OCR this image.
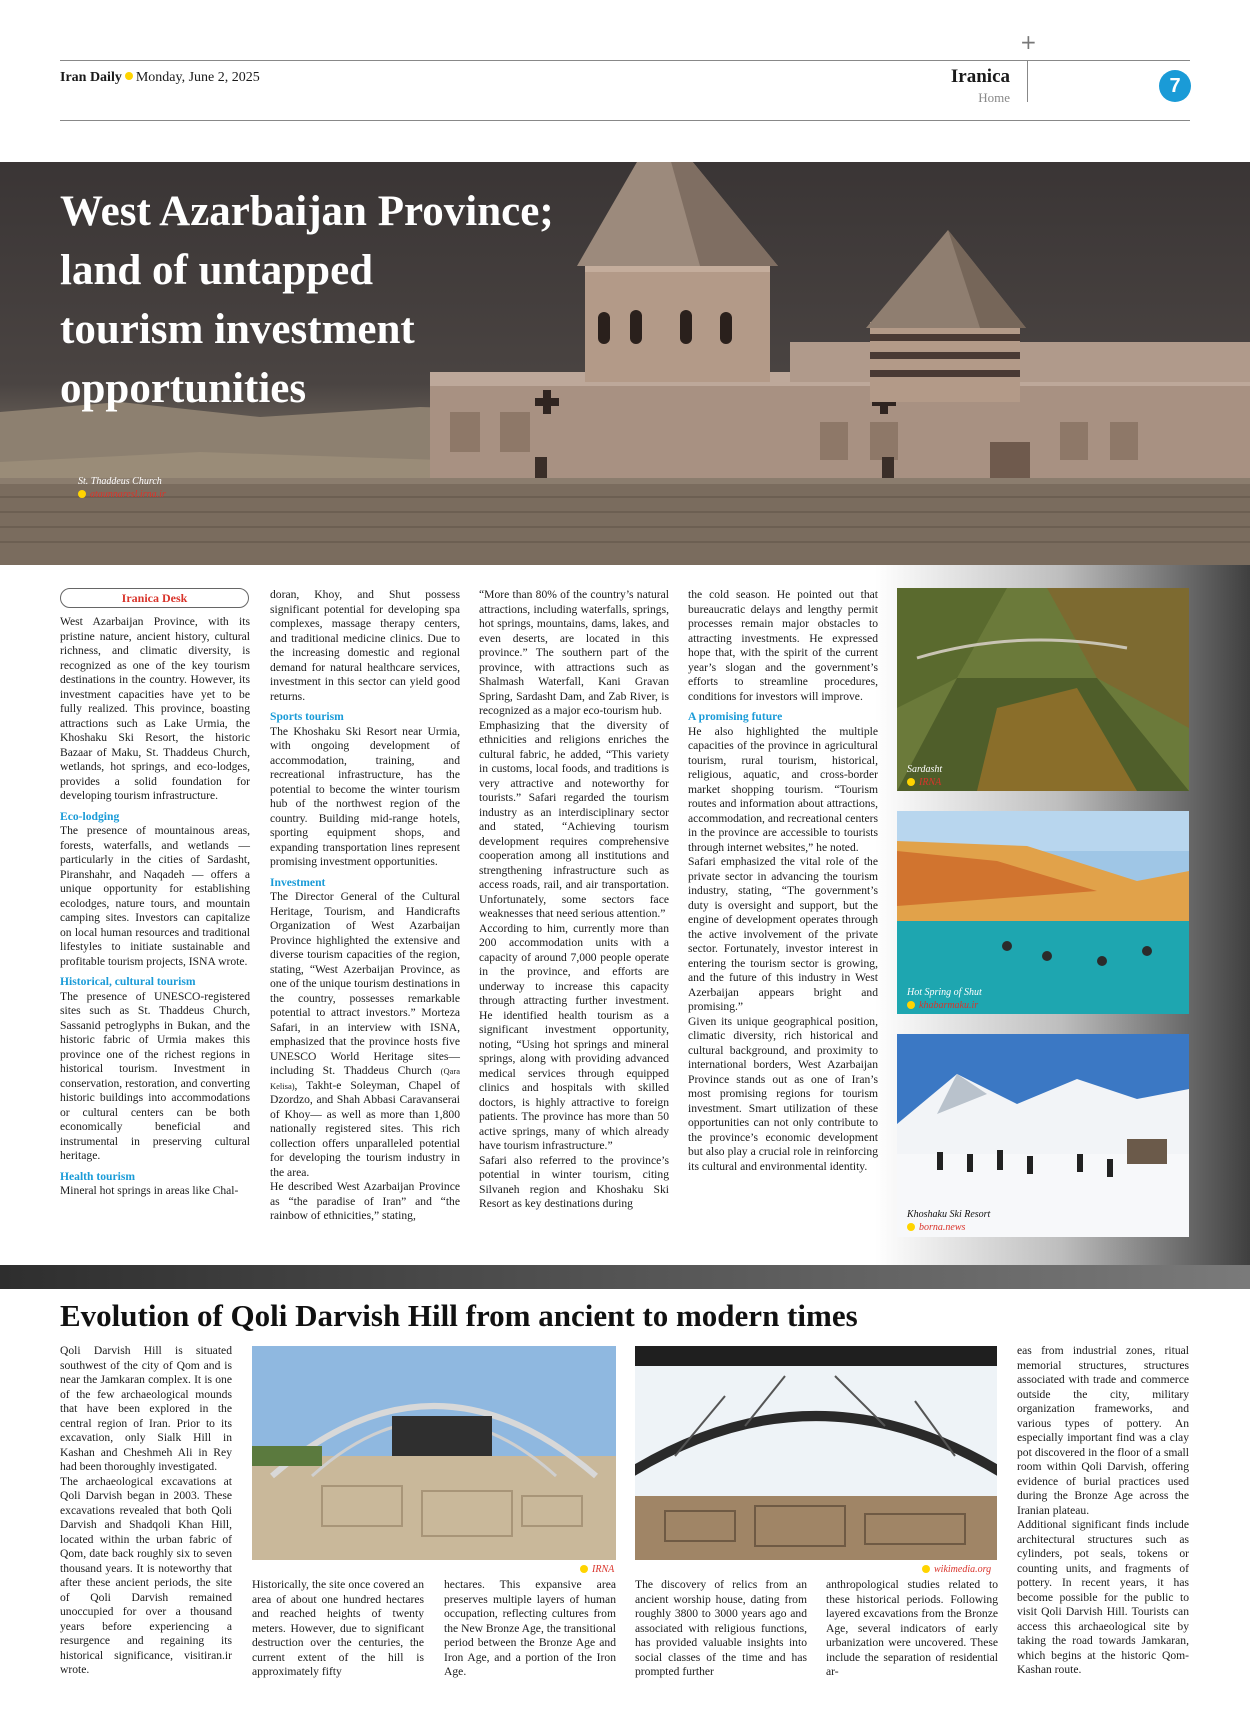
+
Iran Daily Monday, June 2, 2025	Iranica
Home
7
West Azarbaijan Province;
land of untapped
tourism investment
opportunities
St. Thaddeus Church
ataunnaresl.irna.ir
Iranica Desk

West Azarbaijan Province, with its pristine nature, ancient history, cultural richness, and climatic diversity, is recognized as one of the key tourism destinations in the country. However, its investment capacities have yet to be fully realized. This province, boasting attractions such as Lake Urmia, the Khoshaku Ski Resort, the historic Bazaar of Maku, St. Thaddeus Church, wetlands, hot springs, and eco-lodges, provides a solid foundation for developing tourism infrastructure.

Eco-lodging

The presence of mountainous areas, forests, waterfalls, and wetlands — particularly in the cities of Sardasht, Piranshahr, and Naqadeh — offers a unique opportunity for establishing ecolodges, nature tours, and mountain camping sites. Investors can capitalize on local human resources and traditional lifestyles to initiate sustainable and profitable tourism projects, ISNA wrote.

Historical, cultural tourism

The presence of UNESCO-registered sites such as St. Thaddeus Church, Sassanid petroglyphs in Bukan, and the historic fabric of Urmia makes this province one of the richest regions in historical tourism. Investment in conservation, restoration, and converting historic buildings into accommodations or cultural centers can be both economically beneficial and instrumental in preserving cultural heritage.

Health tourism

Mineral hot springs in areas like Chal-

doran, Khoy, and Shut possess significant potential for developing spa complexes, massage therapy centers, and traditional medicine clinics. Due to the increasing domestic and regional demand for natural healthcare services, investment in this sector can yield good returns.

Sports tourism

The Khoshaku Ski Resort near Urmia, with ongoing development of accommodation, training, and recreational infrastructure, has the potential to become the winter tourism hub of the northwest region of the country. Building mid-range hotels, sporting equipment shops, and expanding transportation lines represent promising investment opportunities.

Investment

The Director General of the Cultural Heritage, Tourism, and Handicrafts Organization of West Azarbaijan Province highlighted the extensive and diverse tourism capacities of the region, stating, “West Azerbaijan Province, as one of the unique tourism destinations in the country, possesses remarkable potential to attract investors.” Morteza Safari, in an interview with ISNA, emphasized that the province hosts five UNESCO World Heritage sites— including St. Thaddeus Church (Qara Kelisa), Takht-e Soleyman, Chapel of Dzordzo, and Shah Abbasi Caravanserai of Khoy— as well as more than 1,800 nationally registered sites. This rich collection offers unparalleled potential for developing the tourism industry in the area.

He described West Azarbaijan Province as “the paradise of Iran” and “the rainbow of ethnicities,” stating,

“More than 80% of the country’s natural attractions, including waterfalls, springs, hot springs, mountains, dams, lakes, and even deserts, are located in this province.” The southern part of the province, with attractions such as Shalmash Waterfall, Kani Gravan Spring, Sardasht Dam, and Zab River, is recognized as a major eco-tourism hub.

Emphasizing that the diversity of ethnicities and religions enriches the cultural fabric, he added, “This variety in customs, local foods, and traditions is very attractive and noteworthy for tourists.” Safari regarded the tourism industry as an interdisciplinary sector and stated, “Achieving tourism development requires comprehensive cooperation among all institutions and strengthening infrastructure such as access roads, rail, and air transportation. Unfortunately, some sectors face weaknesses that need serious attention.”

According to him, currently more than 200 accommodation units with a capacity of around 7,000 people operate in the province, and efforts are underway to increase this capacity through attracting further investment. He identified health tourism as a significant investment opportunity, noting, “Using hot springs and mineral springs, along with providing advanced medical services through equipped clinics and hospitals with skilled doctors, is highly attractive to foreign patients. The province has more than 50 active springs, many of which already have tourism infrastructure.”

Safari also referred to the province’s potential in winter tourism, citing Silvaneh region and Khoshaku Ski Resort as key destinations during

the cold season. He pointed out that bureaucratic delays and lengthy permit processes remain major obstacles to attracting investments. He expressed hope that, with the spirit of the current year’s slogan and the government’s efforts to streamline procedures, conditions for investors will improve.

A promising future

He also highlighted the multiple capacities of the province in agricultural tourism, rural tourism, historical, religious, aquatic, and cross-border market shopping tourism. “Tourism routes and information about attractions, accommodation, and recreational centers in the province are accessible to tourists through internet websites,” he noted.

Safari emphasized the vital role of the private sector in advancing the tourism industry, stating, “The government’s duty is oversight and support, but the engine of development operates through the active involvement of the private sector. Fortunately, investor interest in entering the tourism sector is growing, and the future of this industry in West Azerbaijan appears bright and promising.”

Given its unique geographical position, climatic diversity, rich historical and cultural background, and proximity to international borders, West Azarbaijan Province stands out as one of Iran’s most promising regions for tourism investment. Smart utilization of these opportunities can not only contribute to the province’s economic development but also play a crucial role in reinforcing its cultural and environmental identity.

Sardasht
IRNA
Hot Spring of Shut
khabarmaku.ir
Khoshaku Ski Resort
borna.news
Evolution of Qoli Darvish Hill from ancient to modern times

Qoli Darvish Hill is situated southwest of the city of Qom and is near the Jamkaran complex. It is one of the few archaeological mounds that have been explored in the central region of Iran. Prior to its excavation, only Sialk Hill in Kashan and Cheshmeh Ali in Rey had been thoroughly investigated.

The archaeological excavations at Qoli Darvish began in 2003. These excavations revealed that both Qoli Darvish and Shadqoli Khan Hill, located within the urban fabric of Qom, date back roughly six to seven thousand years. It is noteworthy that after these ancient periods, the site of Qoli Darvish remained unoccupied for over a thousand years before experiencing a resurgence and regaining its historical significance, visitiran.ir wrote.

IRNA	wikimedia.org

Historically, the site once covered an area of about one hundred hectares and reached heights of twenty meters. However, due to significant destruction over the centuries, the current extent of the hill is approximately fifty

hectares. This expansive area preserves multiple layers of human occupation, reflecting cultures from the New Bronze Age, the transitional period between the Bronze Age and Iron Age, and a portion of the Iron Age.

The discovery of relics from an ancient worship house, dating from roughly 3800 to 3000 years ago and associated with religious functions, has provided valuable insights into social classes of the time and has prompted further

anthropological studies related to these historical periods. Following layered excavations from the Bronze Age, several indicators of early urbanization were uncovered. These include the separation of residential ar-

eas from industrial zones, ritual memorial structures, structures associated with trade and commerce outside the city, military organization frameworks, and various types of pottery. An especially important find was a clay pot discovered in the floor of a small room within Qoli Darvish, offering evidence of burial practices used during the Bronze Age across the Iranian plateau.

Additional significant finds include architectural structures such as cylinders, pot seals, tokens or counting units, and fragments of pottery. In recent years, it has become possible for the public to visit Qoli Darvish Hill. Tourists can access this archaeological site by taking the road towards Jamkaran, which begins at the historic Qom-Kashan route.
